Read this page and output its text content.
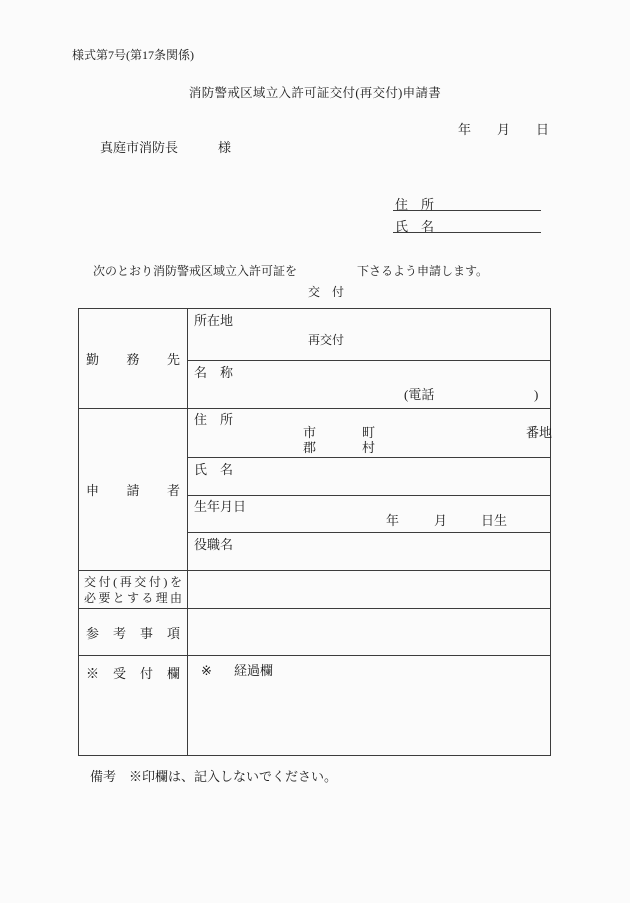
様式第7号(第17条関係)
消防警戒区域立入許可証交付(再交付)申請書
年　　月　　日
真庭市消防長	様
住　所
氏　名
次のとおり消防警戒区域立入許可証を

交　付

再交付

下さるよう申請します。
勤　務　先	所在地

	名　称
(電話 )

申　請　者

住　所
市	町	番地
郡	村

	氏　名

	生年月日
年 月 日生

	役職名

交付(再交付)を
必要とする理由	

参　考　事　項	

※　受　付　欄	※ 経過欄
備考　※印欄は、記入しないでください。
